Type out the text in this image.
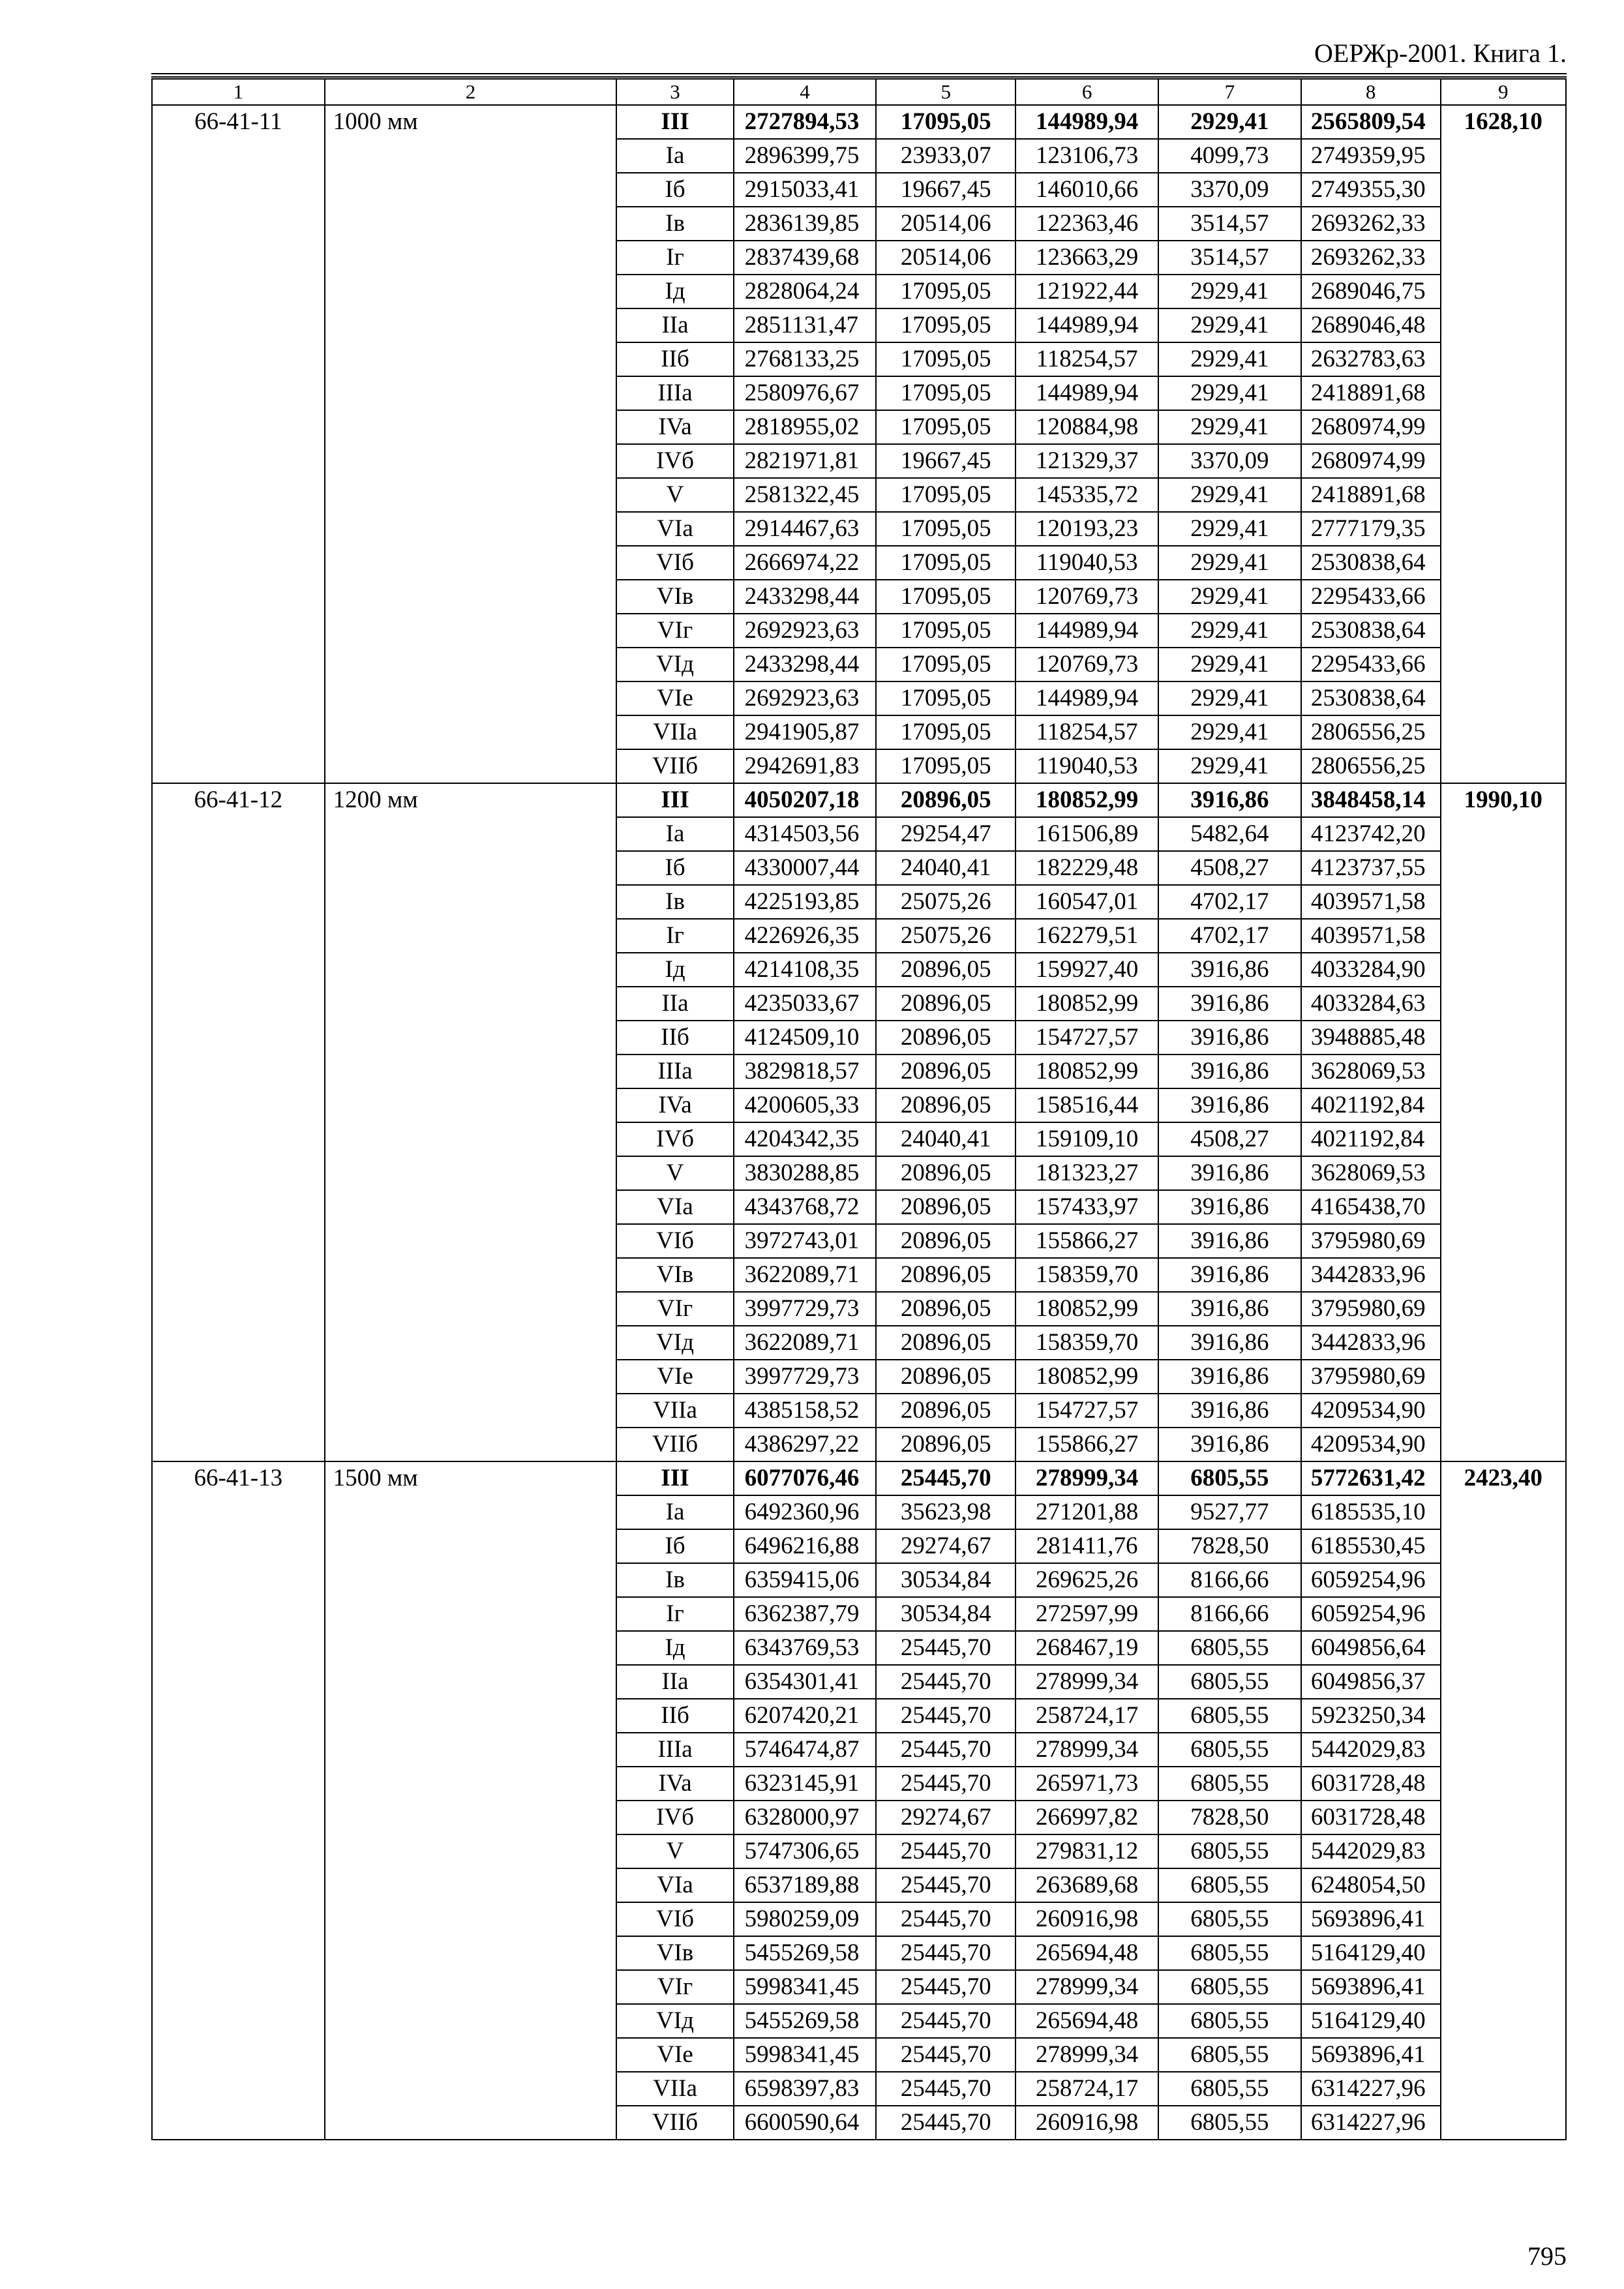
ОЕРЖр-2001. Книга 1.
1	2	3	4	5	6	7	8	9
66-41-11	1000 мм	III	2727894,53	17095,05	144989,94	2929,41	2565809,54	1628,10
		Ia	2896399,75	23933,07	123106,73	4099,73	2749359,95	
		Iб	2915033,41	19667,45	146010,66	3370,09	2749355,30	
		Iв	2836139,85	20514,06	122363,46	3514,57	2693262,33	
		Iг	2837439,68	20514,06	123663,29	3514,57	2693262,33	
		Iд	2828064,24	17095,05	121922,44	2929,41	2689046,75	
		IIa	2851131,47	17095,05	144989,94	2929,41	2689046,48	
		IIб	2768133,25	17095,05	118254,57	2929,41	2632783,63	
		IIIa	2580976,67	17095,05	144989,94	2929,41	2418891,68	
		IVa	2818955,02	17095,05	120884,98	2929,41	2680974,99	
		IVб	2821971,81	19667,45	121329,37	3370,09	2680974,99	
		V	2581322,45	17095,05	145335,72	2929,41	2418891,68	
		VIa	2914467,63	17095,05	120193,23	2929,41	2777179,35	
		VIб	2666974,22	17095,05	119040,53	2929,41	2530838,64	
		VIв	2433298,44	17095,05	120769,73	2929,41	2295433,66	
		VIг	2692923,63	17095,05	144989,94	2929,41	2530838,64	
		VIд	2433298,44	17095,05	120769,73	2929,41	2295433,66	
		VIe	2692923,63	17095,05	144989,94	2929,41	2530838,64	
		VIIa	2941905,87	17095,05	118254,57	2929,41	2806556,25	
		VIIб	2942691,83	17095,05	119040,53	2929,41	2806556,25	
66-41-12	1200 мм	III	4050207,18	20896,05	180852,99	3916,86	3848458,14	1990,10
		Ia	4314503,56	29254,47	161506,89	5482,64	4123742,20	
		Iб	4330007,44	24040,41	182229,48	4508,27	4123737,55	
		Iв	4225193,85	25075,26	160547,01	4702,17	4039571,58	
		Iг	4226926,35	25075,26	162279,51	4702,17	4039571,58	
		Iд	4214108,35	20896,05	159927,40	3916,86	4033284,90	
		IIa	4235033,67	20896,05	180852,99	3916,86	4033284,63	
		IIб	4124509,10	20896,05	154727,57	3916,86	3948885,48	
		IIIa	3829818,57	20896,05	180852,99	3916,86	3628069,53	
		IVa	4200605,33	20896,05	158516,44	3916,86	4021192,84	
		IVб	4204342,35	24040,41	159109,10	4508,27	4021192,84	
		V	3830288,85	20896,05	181323,27	3916,86	3628069,53	
		VIa	4343768,72	20896,05	157433,97	3916,86	4165438,70	
		VIб	3972743,01	20896,05	155866,27	3916,86	3795980,69	
		VIв	3622089,71	20896,05	158359,70	3916,86	3442833,96	
		VIг	3997729,73	20896,05	180852,99	3916,86	3795980,69	
		VIд	3622089,71	20896,05	158359,70	3916,86	3442833,96	
		VIe	3997729,73	20896,05	180852,99	3916,86	3795980,69	
		VIIa	4385158,52	20896,05	154727,57	3916,86	4209534,90	
		VIIб	4386297,22	20896,05	155866,27	3916,86	4209534,90	
66-41-13	1500 мм	III	6077076,46	25445,70	278999,34	6805,55	5772631,42	2423,40
		Ia	6492360,96	35623,98	271201,88	9527,77	6185535,10	
		Iб	6496216,88	29274,67	281411,76	7828,50	6185530,45	
		Iв	6359415,06	30534,84	269625,26	8166,66	6059254,96	
		Iг	6362387,79	30534,84	272597,99	8166,66	6059254,96	
		Iд	6343769,53	25445,70	268467,19	6805,55	6049856,64	
		IIa	6354301,41	25445,70	278999,34	6805,55	6049856,37	
		IIб	6207420,21	25445,70	258724,17	6805,55	5923250,34	
		IIIa	5746474,87	25445,70	278999,34	6805,55	5442029,83	
		IVa	6323145,91	25445,70	265971,73	6805,55	6031728,48	
		IVб	6328000,97	29274,67	266997,82	7828,50	6031728,48	
		V	5747306,65	25445,70	279831,12	6805,55	5442029,83	
		VIa	6537189,88	25445,70	263689,68	6805,55	6248054,50	
		VIб	5980259,09	25445,70	260916,98	6805,55	5693896,41	
		VIв	5455269,58	25445,70	265694,48	6805,55	5164129,40	
		VIг	5998341,45	25445,70	278999,34	6805,55	5693896,41	
		VIд	5455269,58	25445,70	265694,48	6805,55	5164129,40	
		VIe	5998341,45	25445,70	278999,34	6805,55	5693896,41	
		VIIa	6598397,83	25445,70	258724,17	6805,55	6314227,96	
		VIIб	6600590,64	25445,70	260916,98	6805,55	6314227,96	
795
